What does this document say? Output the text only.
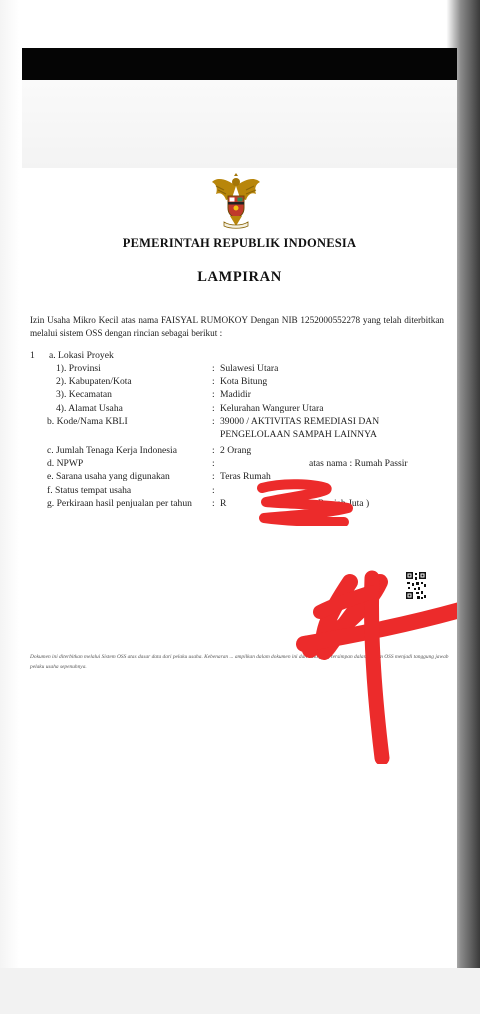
PEMERINTAH REPUBLIK INDONESIA
LAMPIRAN
Izin Usaha Mikro Kecil atas nama FAISYAL RUMOKOY Dengan NIB 1252000552278 yang telah diterbitkan melalui sistem OSS dengan rincian sebagai berikut :
1 a. Lokasi Proyek
1). Provinsi	: Sulawesi Utara
2). Kabupaten/Kota	: Kota Bitung
3). Kecamatan	: Madidir
4). Alamat Usaha	: Kelurahan Wangurer Utara
b. Kode/Nama KBLI	: 39000 / AKTIVITAS REMEDIASI DAN
PENGELOLAAN SAMPAH LAINNYA
c. Jumlah Tenaga Kerja Indonesia	: 2 Orang
d. NPWP	:	atas nama : Rumah Passir
e. Sarana usaha yang digunakan	: Teras Rumah
f. Status tempat usaha	:
g. Perkiraan hasil penjualan per tahun : R	Rupiah Juta )
Dokumen ini diterbitkan melalui Sistem OSS atas dasar data dari pelaku usaha. Kebenaran ... ampilkan dalam dokumen ini dan data yang tersimpan dalam Sistem OSS menjadi tanggung jawab pelaku usaha sepenuhnya.
